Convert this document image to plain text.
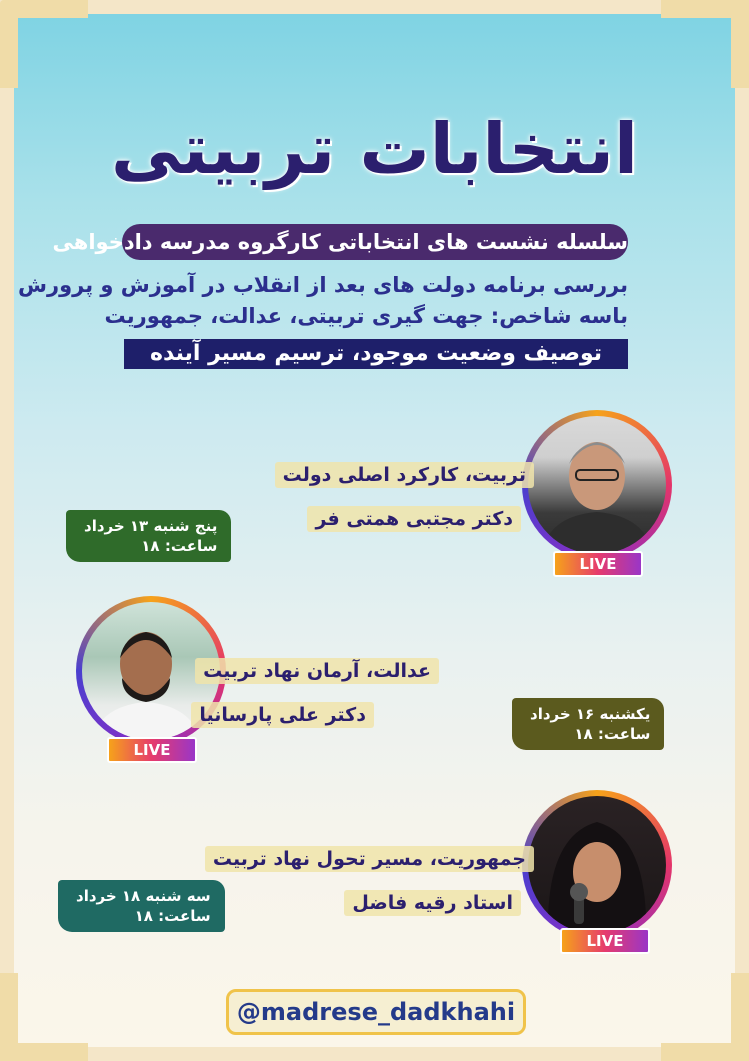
انتخابات تربیتی
سلسله نشست های انتخاباتی کارگروه مدرسه دادخواهی
بررسی برنامه دولت های بعد از انقلاب در آموزش و پرورش
باسه شاخص: جهت گیری تربیتی، عدالت، جمهوریت
توصیف وضعیت موجود، ترسیم مسیر آینده
LIVE
تربیت، کارکرد اصلی دولت
دکتر مجتبی همتی فر
پنج شنبه ۱۳ خرداد
ساعت: ۱۸
LIVE
عدالت، آرمان نهاد تربیت
دکتر علی پارسانیا	یکشنبه ۱۶ خرداد
ساعت: ۱۸
LIVE
جمهوریت، مسیر تحول نهاد تربیت
استاد رقیه فاضل
سه شنبه ۱۸ خرداد
ساعت: ۱۸
@madrese_dadkhahi
